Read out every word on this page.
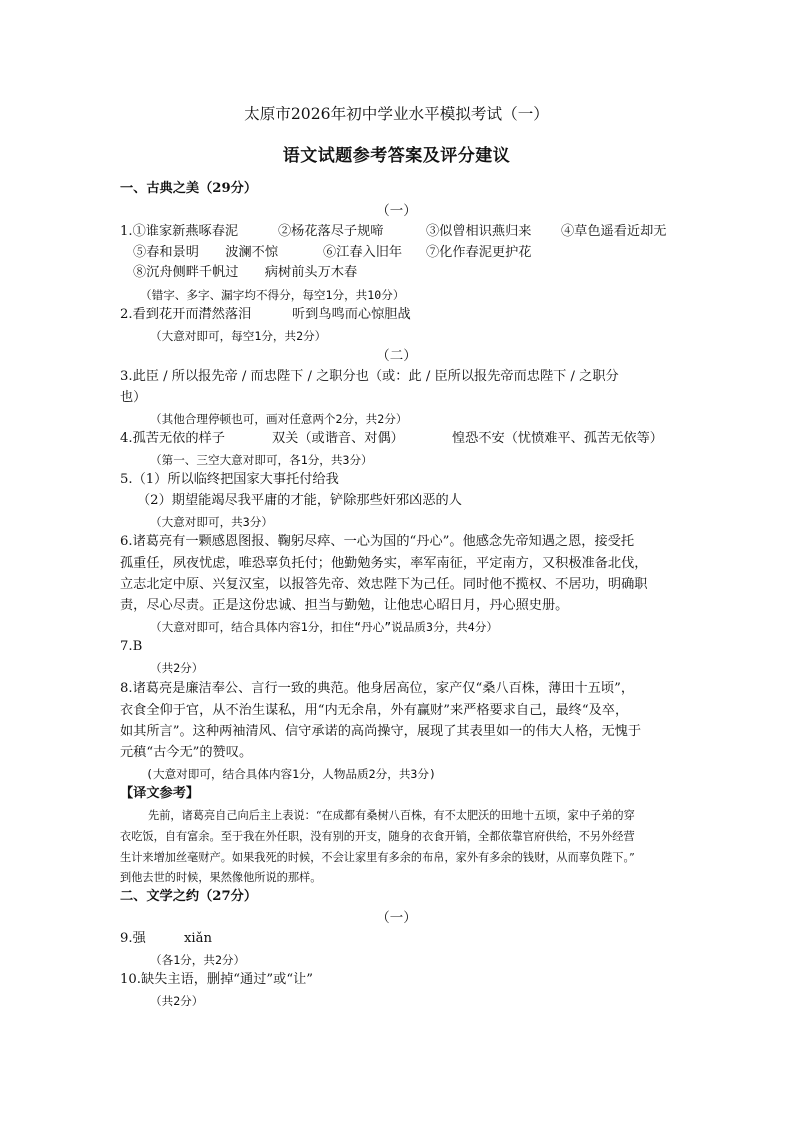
太原市2026年初中学业水平模拟考试（一）
语文试题参考答案及评分建议
一、古典之美（29分）
（一）
1.①谁家新燕啄春泥	②杨花落尽子规啼	③似曾相识燕归来 ④草色遥看近却无
⑤春和景明　　波澜不惊	⑥江春入旧年 ⑦化作春泥更护花
⑧沉舟侧畔千帆过　　病树前头万木春
（错字、多字、漏字均不得分，每空1分，共10分）
2.看到花开而潸然落泪	听到鸟鸣而心惊胆战
（大意对即可，每空1分，共2分）
（二）
3.此臣 / 所以报先帝 / 而忠陛下 / 之职分也（或：此 / 臣所以报先帝而忠陛下 / 之职分
也）
（其他合理停顿也可，画对任意两个2分，共2分）
4.孤苦无依的样子	双关（或谐音、对偶）	惶恐不安（忧愤难平、孤苦无依等）
（第一、三空大意对即可，各1分，共3分）
5.（1）所以临终把国家大事托付给我
（2）期望能竭尽我平庸的才能，铲除那些奸邪凶恶的人
（大意对即可，共3分）
6.诸葛亮有一颗感恩图报、鞠躬尽瘁、一心为国的“丹心”。他感念先帝知遇之恩，接受托
孤重任，夙夜忧虑，唯恐辜负托付；他勤勉务实，率军南征，平定南方，又积极准备北伐，
立志北定中原、兴复汉室，以报答先帝、效忠陛下为己任。同时他不揽权、不居功，明确职
责，尽心尽责。正是这份忠诚、担当与勤勉，让他忠心昭日月，丹心照史册。
（大意对即可，结合具体内容1分，扣住“丹心”说品质3分，共4分）
7.B
（共2分）
8.诸葛亮是廉洁奉公、言行一致的典范。他身居高位，家产仅“桑八百株，薄田十五顷”，
衣食全仰于官，从不治生谋私，用“内无余帛，外有赢财”来严格要求自己，最终“及卒，
如其所言”。这种两袖清风、信守承诺的高尚操守，展现了其表里如一的伟大人格，无愧于
元稹“古今无”的赞叹。
(大意对即可，结合具体内容1分，人物品质2分，共3分)
【译文参考】
先前，诸葛亮自己向后主上表说：“在成都有桑树八百株，有不太肥沃的田地十五顷，家中子弟的穿
衣吃饭，自有富余。至于我在外任职，没有别的开支，随身的衣食开销，全都依靠官府供给，不另外经营
生计来增加丝毫财产。如果我死的时候，不会让家里有多余的布帛，家外有多余的钱财，从而辜负陛下。”
到他去世的时候，果然像他所说的那样。
二、文学之约（27分）
（一）
9.强	xiǎn
（各1分，共2分）
10.缺失主语，删掉“通过”或“让”
（共2分）
